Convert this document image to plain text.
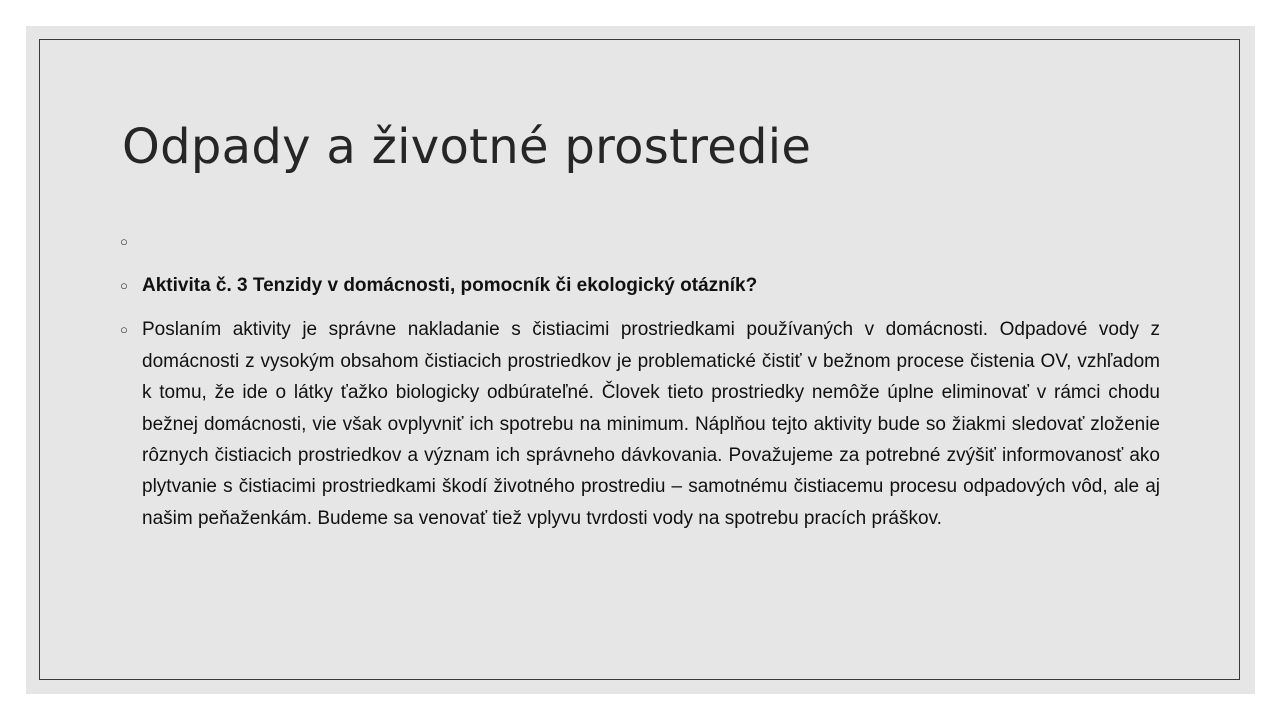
Odpady a životné prostredie
○
○ Aktivita č. 3 Tenzidy v domácnosti, pomocník či ekologický otázník?
○ Poslaním aktivity je správne nakladanie s čistiacimi prostriedkami používaných v domácnosti. Odpadové vody z domácnosti z vysokým obsahom čistiacich prostriedkov je problematické čistiť v bežnom procese čistenia OV, vzhľadom k tomu, že ide o látky ťažko biologicky odbúrateľné. Človek tieto prostriedky nemôže úplne eliminovať v rámci chodu bežnej domácnosti, vie však ovplyvniť ich spotrebu na minimum. Náplňou tejto aktivity bude so žiakmi sledovať zloženie rôznych čistiacich prostriedkov a význam ich správneho dávkovania. Považujeme za potrebné zvýšiť informovanosť ako plytvanie s čistiacimi prostriedkami škodí životného prostrediu – samotnému čistiacemu procesu odpadových vôd, ale aj našim peňaženkám. Budeme sa venovať tiež vplyvu tvrdosti vody na spotrebu pracích práškov.
